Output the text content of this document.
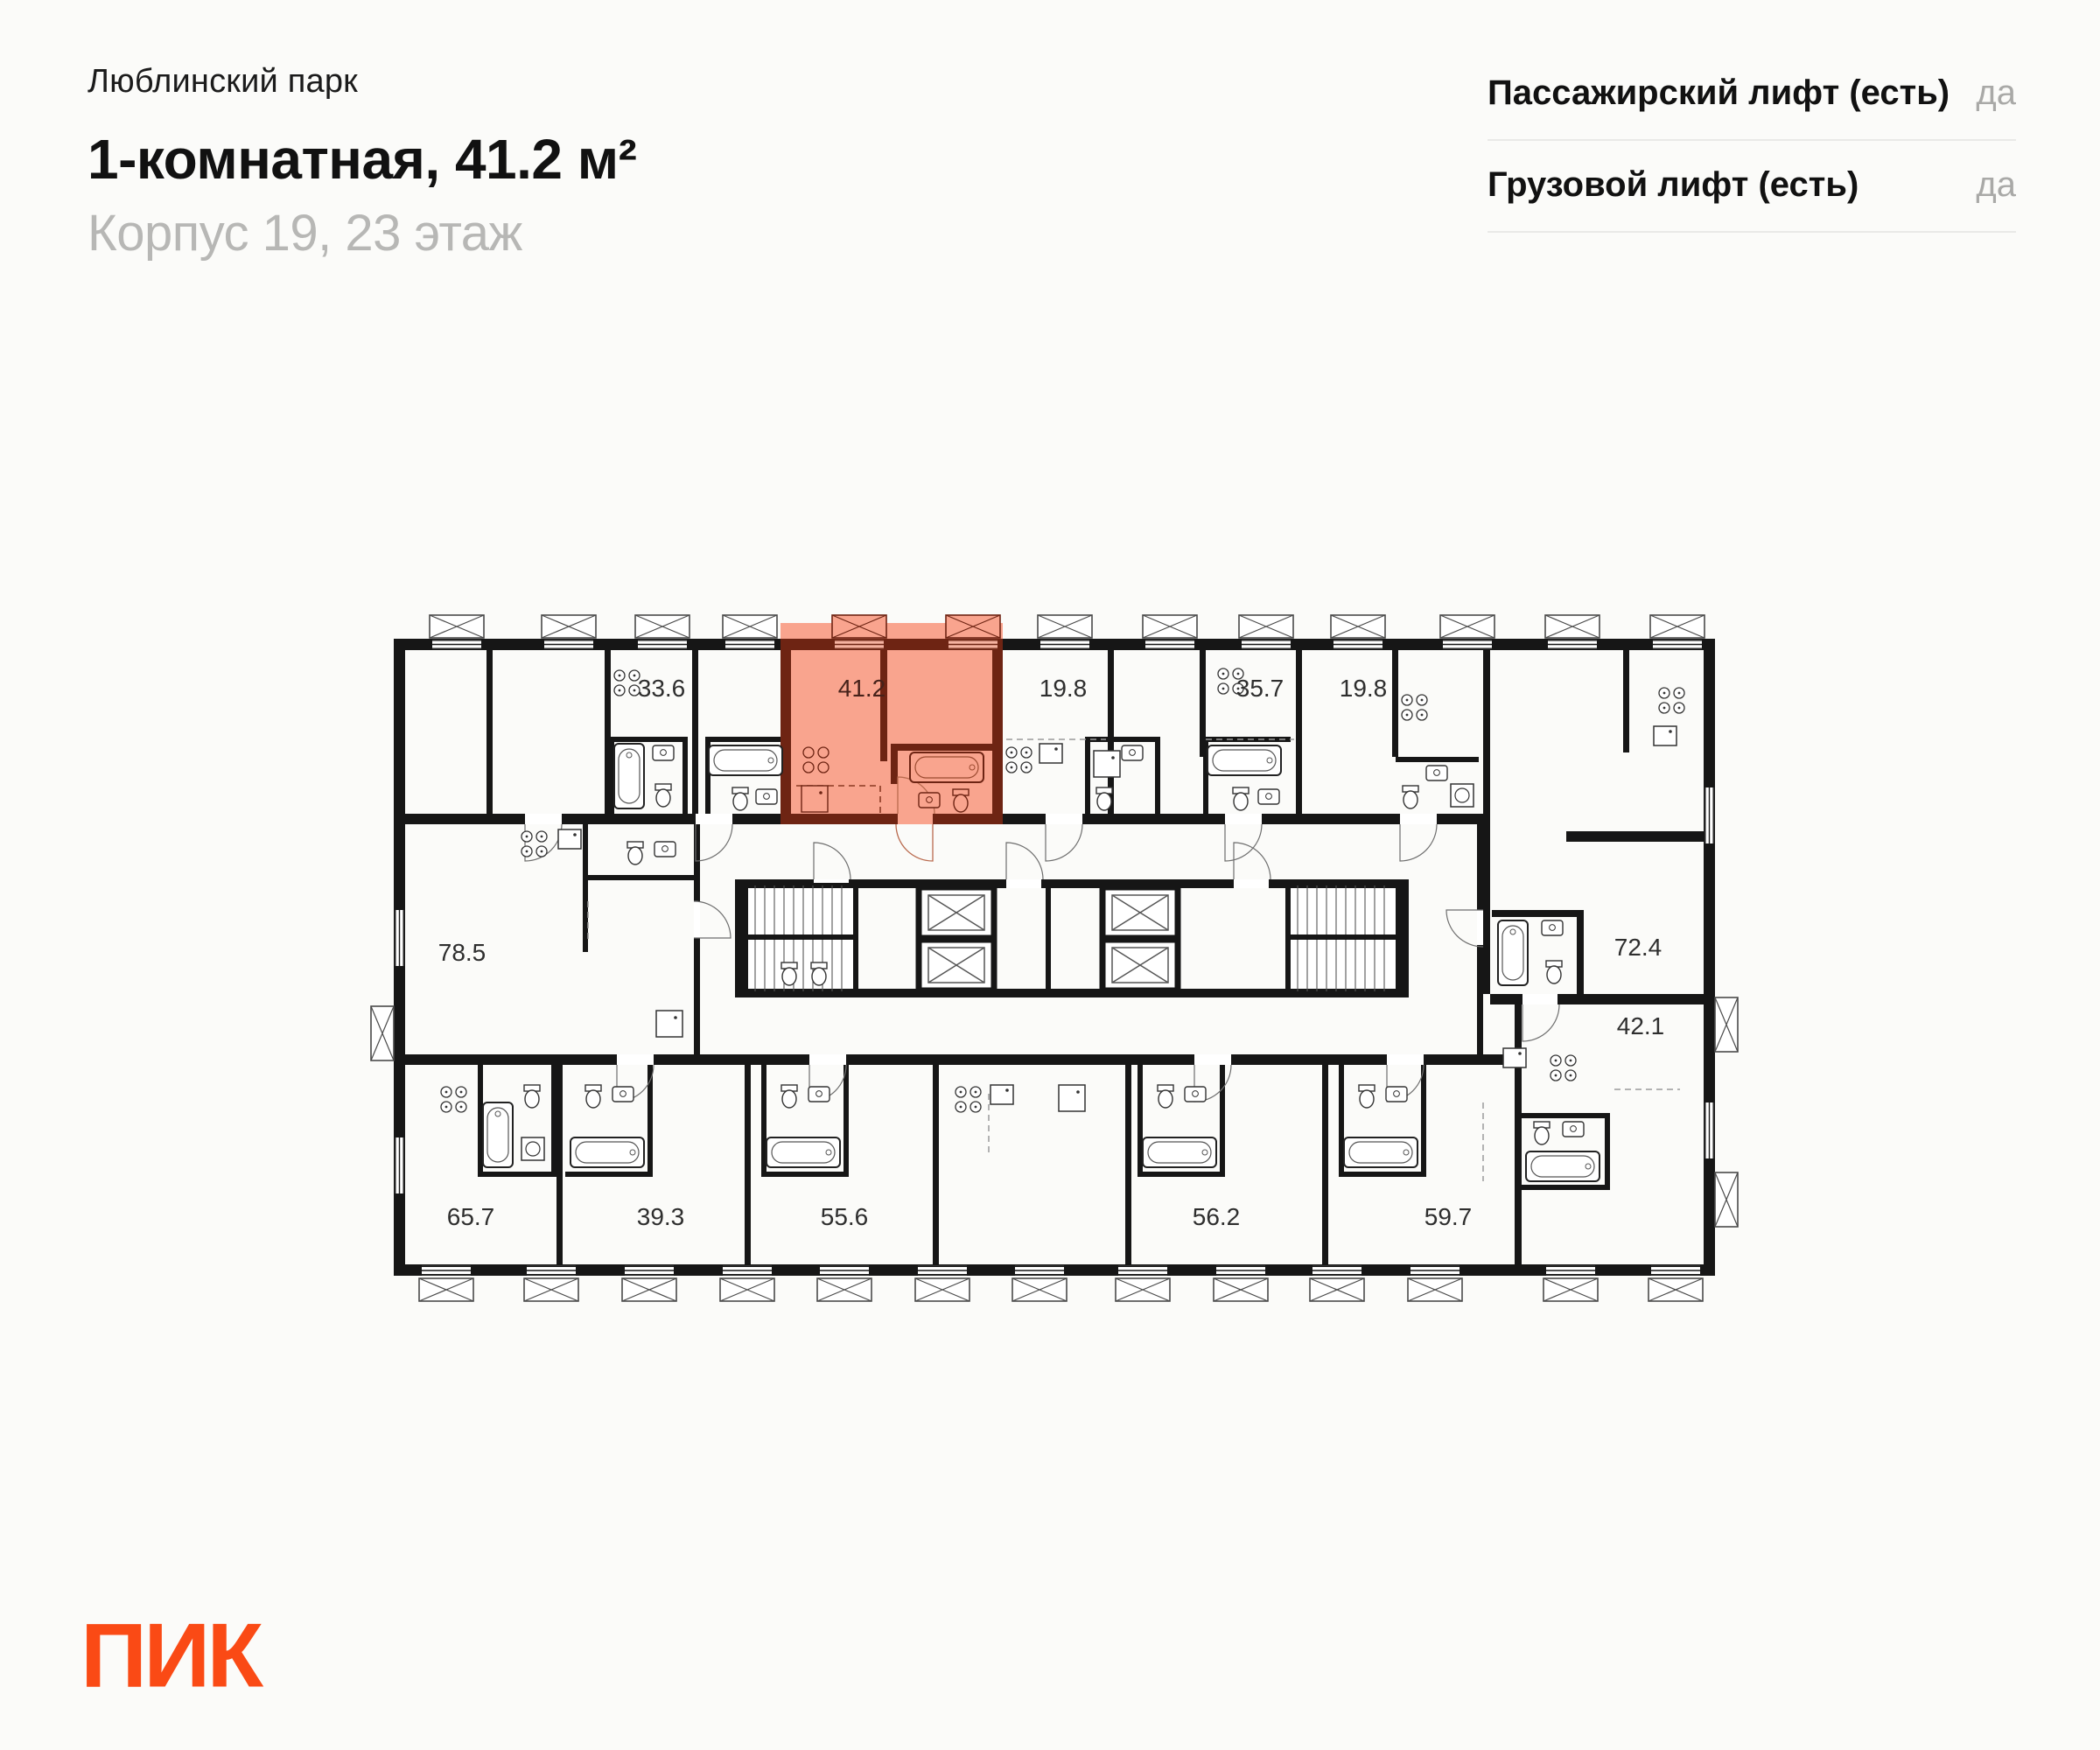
Люблинский парк
1-комнатная, 41.2 м²
Корпус 19, 23 этаж
Пассажирский лифт (есть) да
Грузовой лифт (есть)	да
33.6	41.2	19.8	35.7 19.8
72.4
78.5
42.1
65.7	39.3	55.6	56.2	59.7
ПИК
